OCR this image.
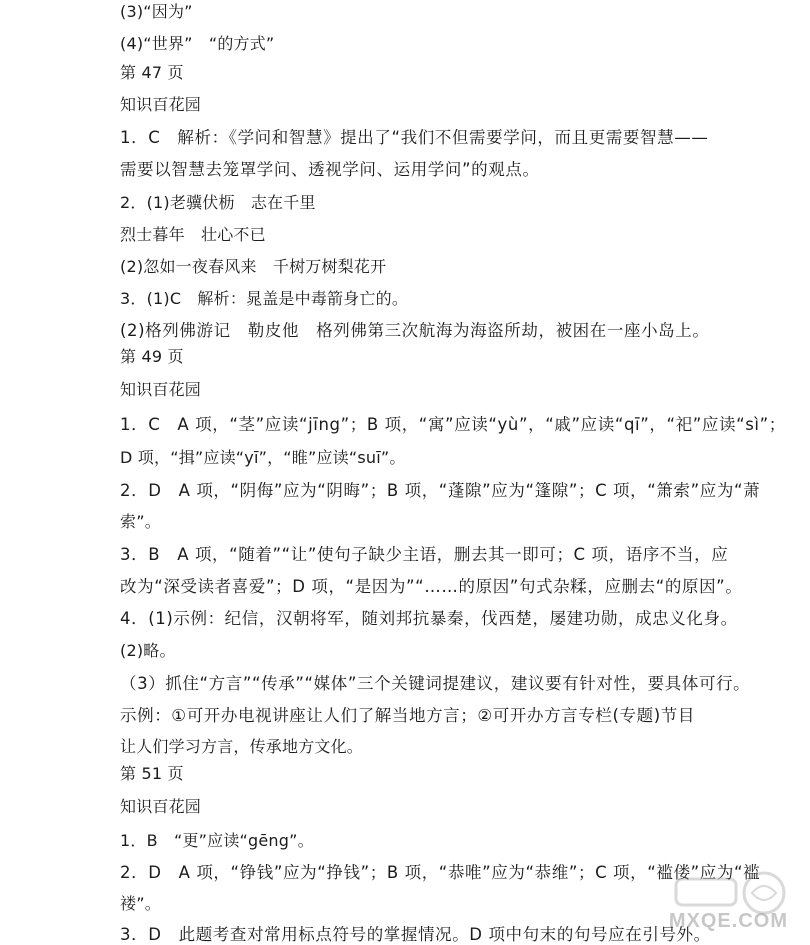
(3)“因为”
(4)“世界”　“的方式”
第 47 页
知识百花园
1．C　解析：《学问和智慧》提出了“我们不但需要学问，而且更需要智慧——
需要以智慧去笼罩学问、透视学问、运用学问”的观点。
2．(1)老骥伏枥　志在千里
烈士暮年　壮心不已
(2)忽如一夜春风来　千树万树梨花开
3．(1)C　解析：晁盖是中毒箭身亡的。
(2)格列佛游记　勒皮他　格列佛第三次航海为海盗所劫，被困在一座小岛上。
第 49 页
知识百花园
1．C　A 项，“茎”应读“jīng”；B 项，“寓”应读“yù”，“戚”应读“qī”，“祀”应读“sì”；
D 项，“揖”应读“yī”，“睢”应读“suī”。
2．D　A 项，“阴侮”应为“阴晦”；B 项，“蓬隙”应为“篷隙”；C 项，“箫索”应为“萧
索”。
3．B　A 项，“随着”“让”使句子缺少主语，删去其一即可；C 项，语序不当，应
改为“深受读者喜爱”；D 项，“是因为”“……的原因”句式杂糅，应删去“的原因”。
4．(1)示例：纪信，汉朝将军，随刘邦抗暴秦，伐西楚，屡建功勋，成忠义化身。
(2)略。
（3）抓住“方言”“传承”“媒体”三个关键词提建议，建议要有针对性，要具体可行。
示例：①可开办电视讲座让人们了解当地方言；②可开办方言专栏(专题)节目
让人们学习方言，传承地方文化。
第 51 页
知识百花园
1．B　“更”应读“gēng”。
2．D　A 项，“铮钱”应为“挣钱”；B 项，“恭唯”应为“恭维”；C 项，“褴偻”应为“褴
褛”。
3．D　此题考查对常用标点符号的掌握情况。D 项中句末的句号应在引号外。
MXQE.COM
